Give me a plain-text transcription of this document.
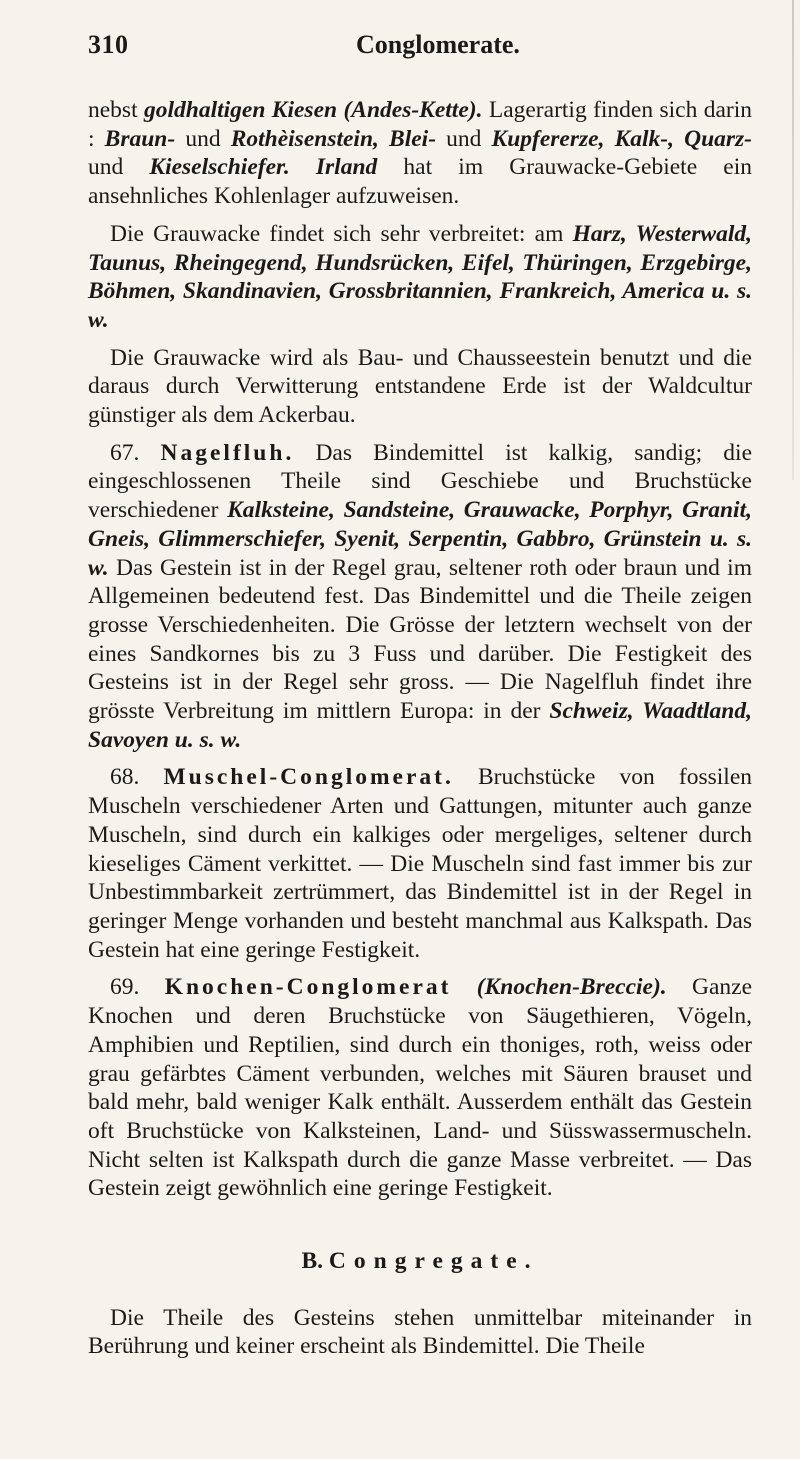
310	Conglomerate.

nebst goldhaltigen Kiesen (Andes-Kette). Lagerartig finden sich darin : Braun- und Rothèisenstein, Blei- und Kupfererze, Kalk-, Quarz- und Kieselschiefer. Irland hat im Grauwacke-Gebiete ein ansehnliches Kohlenlager aufzuweisen.

Die Grauwacke findet sich sehr verbreitet: am Harz, Westerwald, Taunus, Rheingegend, Hundsrücken, Eifel, Thüringen, Erzgebirge, Böhmen, Skandinavien, Grossbritannien, Frankreich, America u. s. w.

Die Grauwacke wird als Bau- und Chausseestein benutzt und die daraus durch Verwitterung entstandene Erde ist der Waldcultur günstiger als dem Ackerbau.

67. Nagelfluh. Das Bindemittel ist kalkig, sandig; die eingeschlossenen Theile sind Geschiebe und Bruchstücke verschiedener Kalksteine, Sandsteine, Grauwacke, Porphyr, Granit, Gneis, Glimmerschiefer, Syenit, Serpentin, Gabbro, Grünstein u. s. w. Das Gestein ist in der Regel grau, seltener roth oder braun und im Allgemeinen bedeutend fest. Das Bindemittel und die Theile zeigen grosse Verschiedenheiten. Die Grösse der letztern wechselt von der eines Sandkornes bis zu 3 Fuss und darüber. Die Festigkeit des Gesteins ist in der Regel sehr gross. — Die Nagelfluh findet ihre grösste Verbreitung im mittlern Europa: in der Schweiz, Waadtland, Savoyen u. s. w.

68. Muschel-Conglomerat. Bruchstücke von fossilen Muscheln verschiedener Arten und Gattungen, mitunter auch ganze Muscheln, sind durch ein kalkiges oder mergeliges, seltener durch kieseliges Cäment verkittet. — Die Muscheln sind fast immer bis zur Unbestimmbarkeit zertrümmert, das Bindemittel ist in der Regel in geringer Menge vorhanden und besteht manchmal aus Kalkspath. Das Gestein hat eine geringe Festigkeit.

69. Knochen-Conglomerat (Knochen-Breccie). Ganze Knochen und deren Bruchstücke von Säugethieren, Vögeln, Amphibien und Reptilien, sind durch ein thoniges, roth, weiss oder grau gefärbtes Cäment verbunden, welches mit Säuren brauset und bald mehr, bald weniger Kalk enthält. Ausserdem enthält das Gestein oft Bruchstücke von Kalksteinen, Land- und Süsswassermuscheln. Nicht selten ist Kalkspath durch die ganze Masse verbreitet. — Das Gestein zeigt gewöhnlich eine geringe Festigkeit.

B. Congregate.

Die Theile des Gesteins stehen unmittelbar miteinander in Berührung und keiner erscheint als Bindemittel. Die Theile
